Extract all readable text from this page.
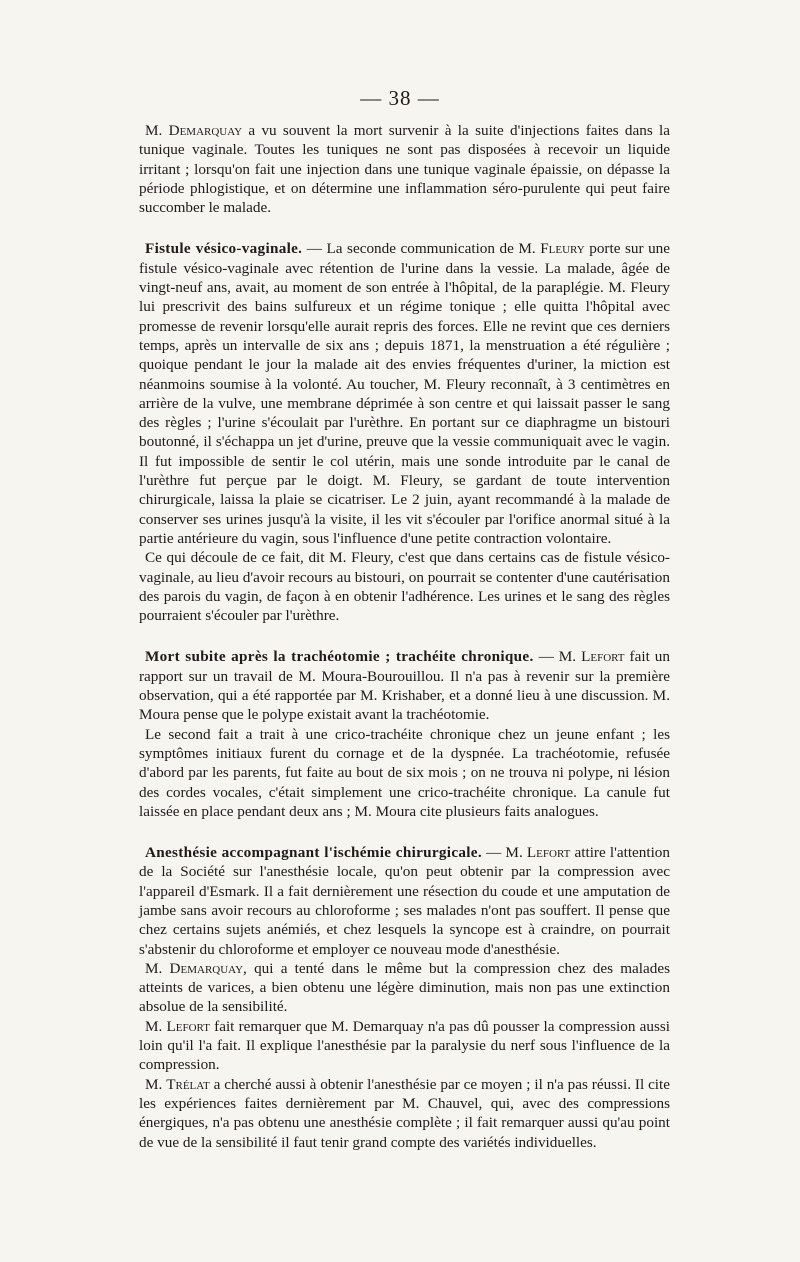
— 38 —

M. Demarquay a vu souvent la mort survenir à la suite d'injections faites dans la tunique vaginale. Toutes les tuniques ne sont pas disposées à recevoir un liquide irritant ; lorsqu'on fait une injection dans une tunique vaginale épaissie, on dépasse la période phlogistique, et on détermine une inflammation séro-purulente qui peut faire succomber le malade.

Fistule vésico-vaginale. — La seconde communication de M. Fleury porte sur une fistule vésico-vaginale avec rétention de l'urine dans la vessie. La malade, âgée de vingt-neuf ans, avait, au moment de son entrée à l'hôpital, de la paraplégie. M. Fleury lui prescrivit des bains sulfureux et un régime tonique ; elle quitta l'hôpital avec promesse de revenir lorsqu'elle aurait repris des forces. Elle ne revint que ces derniers temps, après un intervalle de six ans ; depuis 1871, la menstruation a été régulière ; quoique pendant le jour la malade ait des envies fréquentes d'uriner, la miction est néanmoins soumise à la volonté. Au toucher, M. Fleury reconnaît, à 3 centimètres en arrière de la vulve, une membrane déprimée à son centre et qui laissait passer le sang des règles ; l'urine s'écoulait par l'urèthre. En portant sur ce diaphragme un bistouri boutonné, il s'échappa un jet d'urine, preuve que la vessie communiquait avec le vagin. Il fut impossible de sentir le col utérin, mais une sonde introduite par le canal de l'urèthre fut perçue par le doigt. M. Fleury, se gardant de toute intervention chirurgicale, laissa la plaie se cicatriser. Le 2 juin, ayant recommandé à la malade de conserver ses urines jusqu'à la visite, il les vit s'écouler par l'orifice anormal situé à la partie antérieure du vagin, sous l'influence d'une petite contraction volontaire.

Ce qui découle de ce fait, dit M. Fleury, c'est que dans certains cas de fistule vésico-vaginale, au lieu d'avoir recours au bistouri, on pourrait se contenter d'une cautérisation des parois du vagin, de façon à en obtenir l'adhérence. Les urines et le sang des règles pourraient s'écouler par l'urèthre.

Mort subite après la trachéotomie ; trachéite chronique. — M. Lefort fait un rapport sur un travail de M. Moura-Bourouillou. Il n'a pas à revenir sur la première observation, qui a été rapportée par M. Krishaber, et a donné lieu à une discussion. M. Moura pense que le polype existait avant la trachéotomie.

Le second fait a trait à une crico-trachéite chronique chez un jeune enfant ; les symptômes initiaux furent du cornage et de la dyspnée. La trachéotomie, refusée d'abord par les parents, fut faite au bout de six mois ; on ne trouva ni polype, ni lésion des cordes vocales, c'était simplement une crico-trachéite chronique. La canule fut laissée en place pendant deux ans ; M. Moura cite plusieurs faits analogues.

Anesthésie accompagnant l'ischémie chirurgicale. — M. Lefort attire l'attention de la Société sur l'anesthésie locale, qu'on peut obtenir par la compression avec l'appareil d'Esmark. Il a fait dernièrement une résection du coude et une amputation de jambe sans avoir recours au chloroforme ; ses malades n'ont pas souffert. Il pense que chez certains sujets anémiés, et chez lesquels la syncope est à craindre, on pourrait s'abstenir du chloroforme et employer ce nouveau mode d'anesthésie.

M. Demarquay, qui a tenté dans le même but la compression chez des malades atteints de varices, a bien obtenu une légère diminution, mais non pas une extinction absolue de la sensibilité.

M. Lefort fait remarquer que M. Demarquay n'a pas dû pousser la compression aussi loin qu'il l'a fait. Il explique l'anesthésie par la paralysie du nerf sous l'influence de la compression.

M. Trélat a cherché aussi à obtenir l'anesthésie par ce moyen ; il n'a pas réussi. Il cite les expériences faites dernièrement par M. Chauvel, qui, avec des compressions énergiques, n'a pas obtenu une anesthésie complète ; il fait remarquer aussi qu'au point de vue de la sensibilité il faut tenir grand compte des variétés individuelles.
